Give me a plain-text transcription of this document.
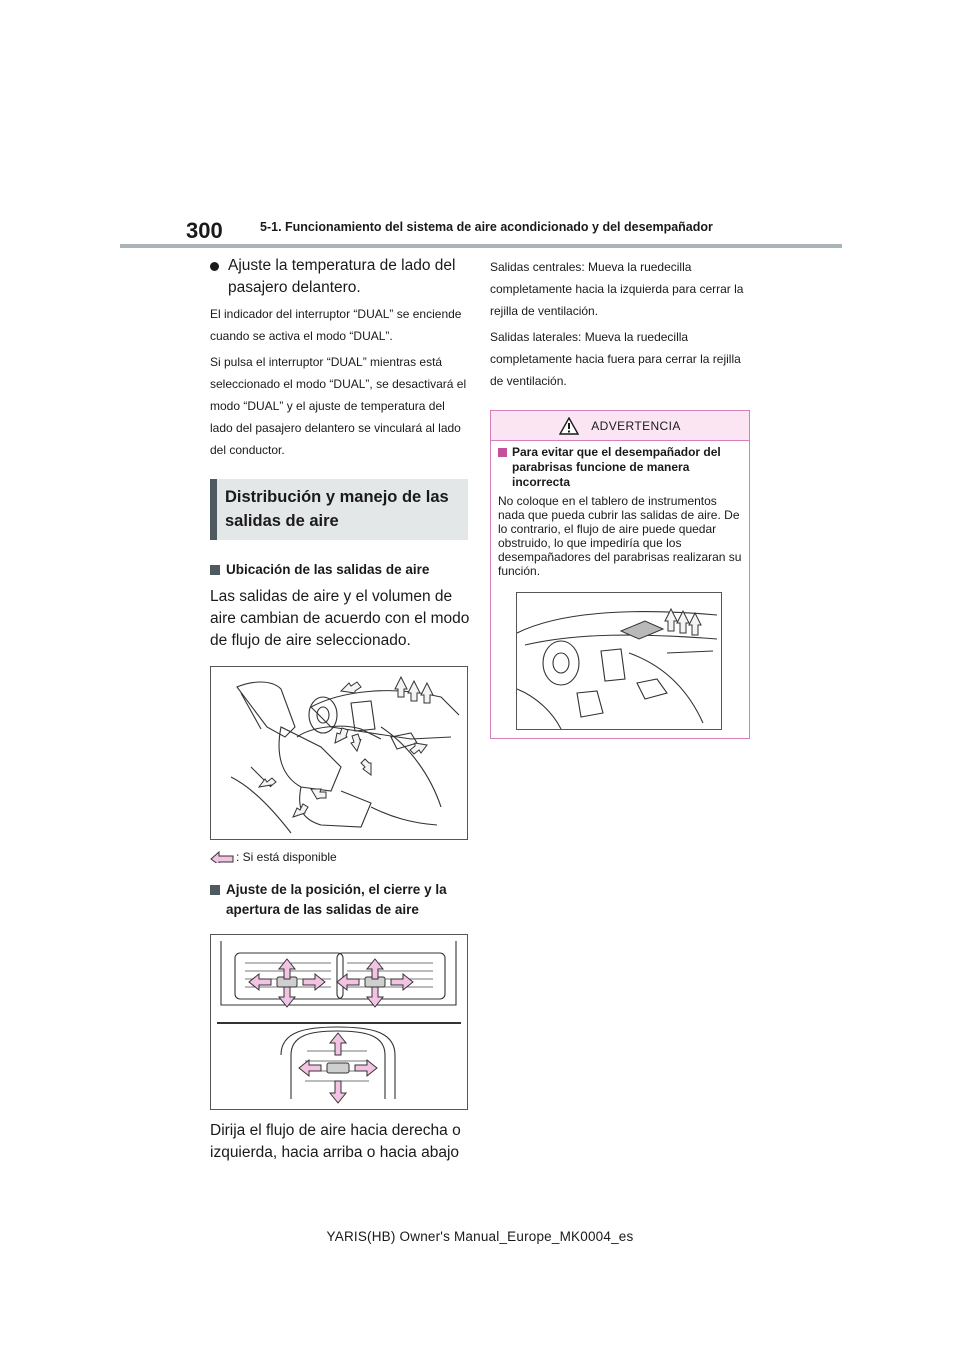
300	5-1. Funcionamiento del sistema de aire acondicionado y del desempañador
Ajuste la temperatura de lado del pasajero delantero.

El indicador del interruptor “DUAL” se enciende cuando se activa el modo “DUAL”.

Si pulsa el interruptor “DUAL” mientras está seleccionado el modo “DUAL”, se desactivará el modo “DUAL” y el ajuste de temperatura del lado del pasajero delantero se vinculará al lado del conductor.

Distribución y manejo de las salidas de aire
Ubicación de las salidas de aire

Las salidas de aire y el volumen de aire cambian de acuerdo con el modo de flujo de aire seleccionado.

: Si está disponible
Ajuste de la posición, el cierre y la apertura de las salidas de aire

Dirija el flujo de aire hacia derecha o izquierda, hacia arriba o hacia abajo

Salidas centrales: Mueva la ruedecilla completamente hacia la izquierda para cerrar la rejilla de ventilación.

Salidas laterales: Mueva la ruedecilla completamente hacia fuera para cerrar la rejilla de ventilación.

ADVERTENCIA
Para evitar que el desempañador del parabrisas funcione de manera incorrecta

No coloque en el tablero de instrumentos nada que pueda cubrir las salidas de aire. De lo contrario, el flujo de aire puede quedar obstruido, lo que impediría que los desempañadores del parabrisas realizaran su función.

YARIS(HB) Owner's Manual_Europe_MK0004_es
